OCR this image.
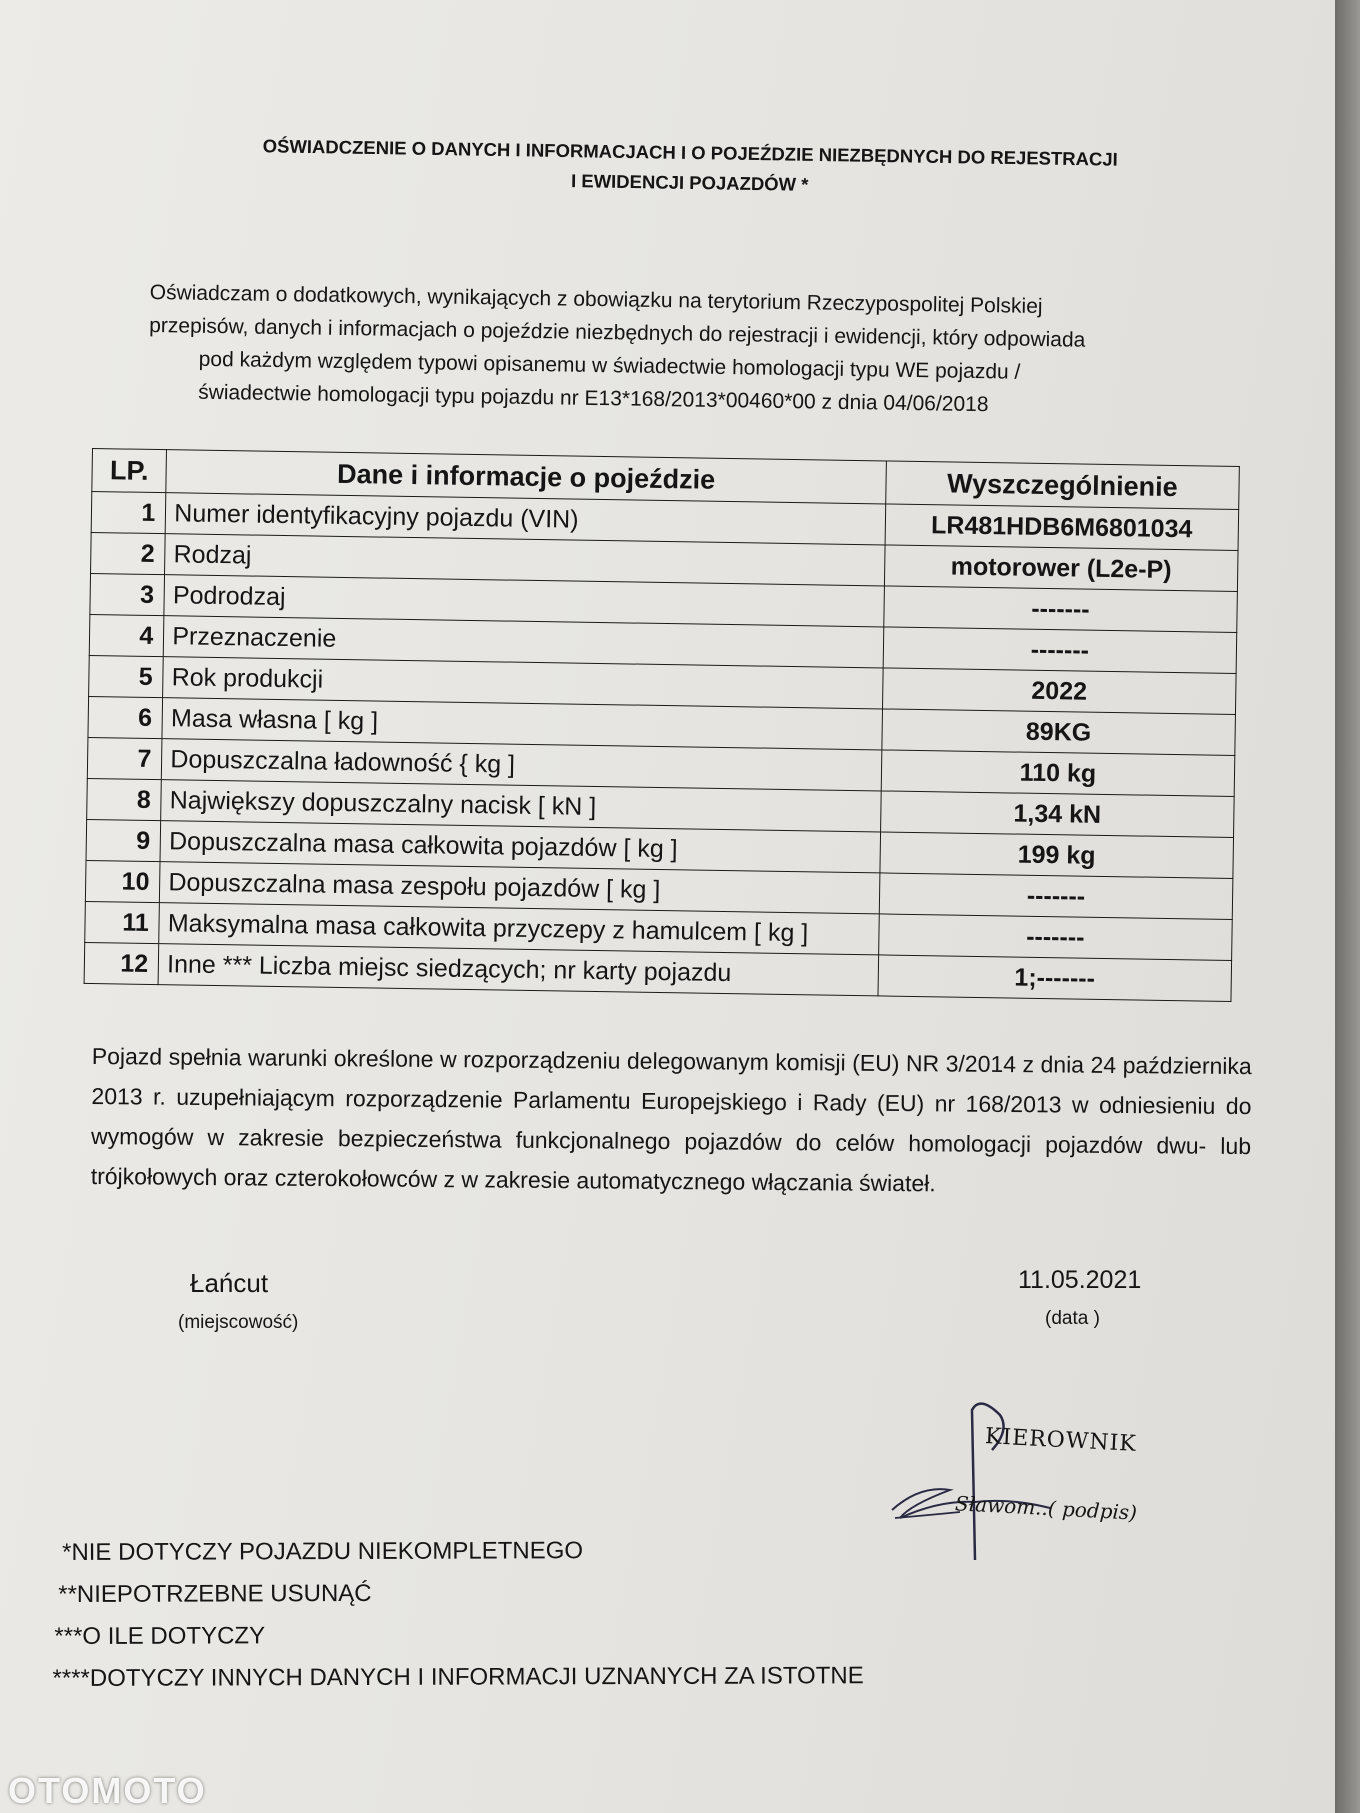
OŚWIADCZENIE O DANYCH I INFORMACJACH I O POJEŹDZIE NIEZBĘDNYCH DO REJESTRACJI
I EWIDENCJI POJAZDÓW *
Oświadczam o dodatkowych, wynikających z obowiązku na terytorium Rzeczypospolitej Polskiej
przepisów, danych i informacjach o pojeździe niezbędnych do rejestracji i ewidencji, który odpowiada
pod każdym względem typowi opisanemu w świadectwie homologacji typu WE pojazdu /
świadectwie homologacji typu pojazdu nr E13*168/2013*00460*00 z dnia 04/06/2018
LP.	Dane i informacje o pojeździe	Wyszczególnienie
1	Numer identyfikacyjny pojazdu (VIN)	LR481HDB6M6801034
2	Rodzaj	motorower (L2e-P)
3	Podrodzaj	-------
4	Przeznaczenie	-------
5	Rok produkcji	2022
6	Masa własna [ kg ]	89KG
7	Dopuszczalna ładowność { kg ]	110 kg
8	Największy dopuszczalny nacisk [ kN ]	1,34 kN
9	Dopuszczalna masa całkowita pojazdów [ kg ]	199 kg
10	Dopuszczalna masa zespołu pojazdów [ kg ]	-------
11	Maksymalna masa całkowita przyczepy z hamulcem [ kg ]	-------
12	Inne *** Liczba miejsc siedzących; nr karty pojazdu	1;-------
Pojazd spełnia warunki określone w rozporządzeniu delegowanym komisji (EU) NR 3/2014 z dnia 24 października 2013 r. uzupełniającym rozporządzenie Parlamentu Europejskiego i Rady (EU) nr 168/2013 w odniesieniu do wymogów w zakresie bezpieczeństwa funkcjonalnego pojazdów do celów homologacji pojazdów dwu- lub trójkołowych oraz czterokołowców z w zakresie automatycznego włączania świateł.
Łańcut
(miejscowość)
11.05.2021
(data )
KIEROWNIK
Sławom..( podpis)
*NIE DOTYCZY POJAZDU NIEKOMPLETNEGO
**NIEPOTRZEBNE USUNĄĆ
***O ILE DOTYCZY
****DOTYCZY INNYCH DANYCH I INFORMACJI UZNANYCH ZA ISTOTNE
OTOMOTO
